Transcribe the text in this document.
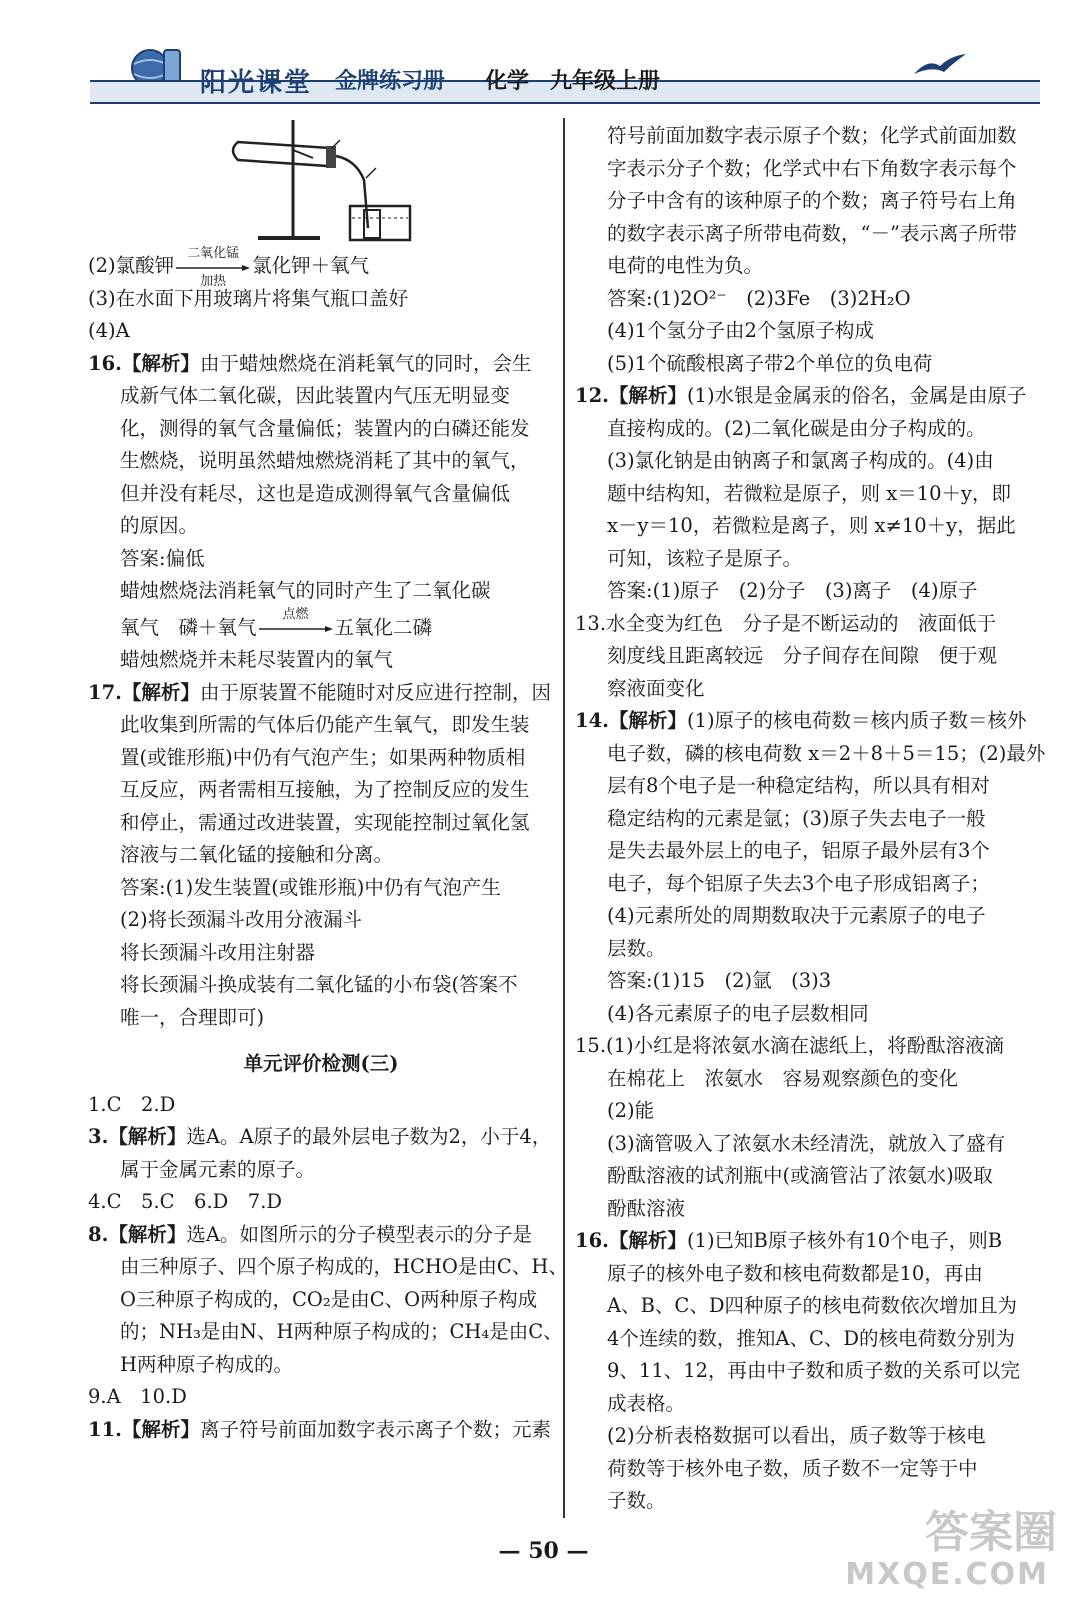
阳光课堂 金牌练习册 化学 九年级上册

(2)氯酸钾
二氧化锰
加热
氯化钾＋氧气

(3)在水面下用玻璃片将集气瓶口盖好

(4)A

16.【解析】由于蜡烛燃烧在消耗氧气的同时，会生

成新气体二氧化碳，因此装置内气压无明显变

化，测得的氧气含量偏低；装置内的白磷还能发

生燃烧，说明虽然蜡烛燃烧消耗了其中的氧气，

但并没有耗尽，这也是造成测得氧气含量偏低

的原因。

答案:偏低

蜡烛燃烧法消耗氧气的同时产生了二氧化碳

氧气　磷＋氧气
点燃
五氧化二磷

蜡烛燃烧并未耗尽装置内的氧气

17.【解析】由于原装置不能随时对反应进行控制，因

此收集到所需的气体后仍能产生氧气，即发生装

置(或锥形瓶)中仍有气泡产生；如果两种物质相

互反应，两者需相互接触，为了控制反应的发生

和停止，需通过改进装置，实现能控制过氧化氢

溶液与二氧化锰的接触和分离。

答案:(1)发生装置(或锥形瓶)中仍有气泡产生

(2)将长颈漏斗改用分液漏斗

将长颈漏斗改用注射器

将长颈漏斗换成装有二氧化锰的小布袋(答案不

唯一，合理即可)

单元评价检测(三)

1.C　2.D

3.【解析】选A。A原子的最外层电子数为2，小于4，

属于金属元素的原子。

4.C　5.C　6.D　7.D

8.【解析】选A。如图所示的分子模型表示的分子是

由三种原子、四个原子构成的，HCHO是由C、H、

O三种原子构成的，CO₂是由C、O两种原子构成

的；NH₃是由N、H两种原子构成的；CH₄是由C、

H两种原子构成的。

9.A　10.D

11.【解析】离子符号前面加数字表示离子个数；元素

符号前面加数字表示原子个数；化学式前面加数

字表示分子个数；化学式中右下角数字表示每个

分子中含有的该种原子的个数；离子符号右上角

的数字表示离子所带电荷数，“－”表示离子所带

电荷的电性为负。

答案:(1)2O²⁻　(2)3Fe　(3)2H₂O

(4)1个氢分子由2个氢原子构成

(5)1个硫酸根离子带2个单位的负电荷

12.【解析】(1)水银是金属汞的俗名，金属是由原子

直接构成的。(2)二氧化碳是由分子构成的。

(3)氯化钠是由钠离子和氯离子构成的。(4)由

题中结构知，若微粒是原子，则 x＝10＋y，即

x－y＝10，若微粒是离子，则 x≠10＋y，据此

可知，该粒子是原子。

答案:(1)原子　(2)分子　(3)离子　(4)原子

13.水全变为红色　分子是不断运动的　液面低于

刻度线且距离较远　分子间存在间隙　便于观

察液面变化

14.【解析】(1)原子的核电荷数＝核内质子数＝核外

电子数，磷的核电荷数 x＝2＋8＋5＝15；(2)最外

层有8个电子是一种稳定结构，所以具有相对

稳定结构的元素是氩；(3)原子失去电子一般

是失去最外层上的电子，铝原子最外层有3个

电子，每个铝原子失去3个电子形成铝离子；

(4)元素所处的周期数取决于元素原子的电子

层数。

答案:(1)15　(2)氩　(3)3

(4)各元素原子的电子层数相同

15.(1)小红是将浓氨水滴在滤纸上，将酚酞溶液滴

在棉花上　浓氨水　容易观察颜色的变化

(2)能

(3)滴管吸入了浓氨水未经清洗，就放入了盛有

酚酞溶液的试剂瓶中(或滴管沾了浓氨水)吸取

酚酞溶液

16.【解析】(1)已知B原子核外有10个电子，则B

原子的核外电子数和核电荷数都是10，再由

A、B、C、D四种原子的核电荷数依次增加且为

4个连续的数，推知A、C、D的核电荷数分别为

9、11、12，再由中子数和质子数的关系可以完

成表格。

(2)分析表格数据可以看出，质子数等于核电

荷数等于核外电子数，质子数不一定等于中

子数。

— 50 —	答案圈
MXQE.COM
